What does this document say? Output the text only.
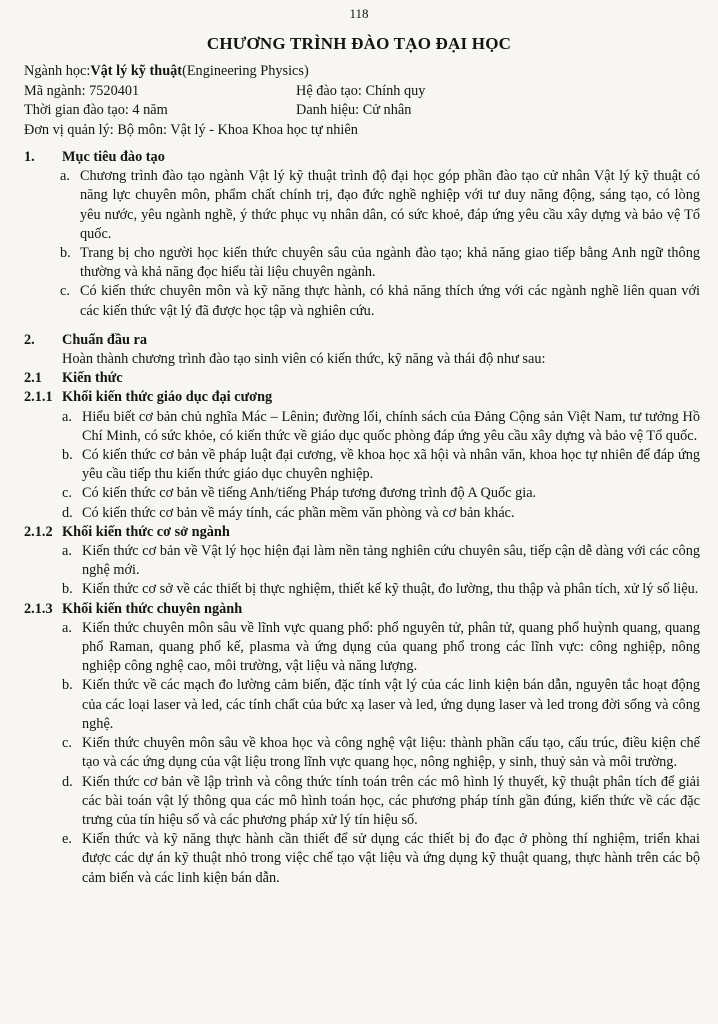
118
CHƯƠNG TRÌNH ĐÀO TẠO ĐẠI HỌC
Ngành học: Vật lý kỹ thuật (Engineering Physics)
Mã ngành: 7520401	Hệ đào tạo: Chính quy
Thời gian đào tạo: 4 năm	Danh hiệu: Cử nhân
Đơn vị quản lý: Bộ môn: Vật lý - Khoa Khoa học tự nhiên
1.	Mục tiêu đào tạo
a. Chương trình đào tạo ngành Vật lý kỹ thuật trình độ đại học góp phần đào tạo cử nhân Vật lý kỹ thuật có năng lực chuyên môn, phẩm chất chính trị, đạo đức nghề nghiệp với tư duy năng động, sáng tạo, có lòng yêu nước, yêu ngành nghề, ý thức phục vụ nhân dân, có sức khoẻ, đáp ứng yêu cầu xây dựng và bảo vệ Tổ quốc.
b. Trang bị cho người học kiến thức chuyên sâu của ngành đào tạo; khả năng giao tiếp bằng Anh ngữ thông thường và khả năng đọc hiểu tài liệu chuyên ngành.
c. Có kiến thức chuyên môn và kỹ năng thực hành, có khả năng thích ứng với các ngành nghề liên quan với các kiến thức vật lý đã được học tập và nghiên cứu.
2.	Chuẩn đầu ra
Hoàn thành chương trình đào tạo sinh viên có kiến thức, kỹ năng và thái độ như sau:
2.1	Kiến thức
2.1.1 Khối kiến thức giáo dục đại cương
a. Hiểu biết cơ bản chủ nghĩa Mác – Lênin; đường lối, chính sách của Đảng Cộng sản Việt Nam, tư tưởng Hồ Chí Minh, có sức khỏe, có kiến thức về giáo dục quốc phòng đáp ứng yêu cầu xây dựng và bảo vệ Tổ quốc.
b. Có kiến thức cơ bản về pháp luật đại cương, về khoa học xã hội và nhân văn, khoa học tự nhiên để đáp ứng yêu cầu tiếp thu kiến thức giáo dục chuyên nghiệp.
c. Có kiến thức cơ bản về tiếng Anh/tiếng Pháp tương đương trình độ A Quốc gia.
d. Có kiến thức cơ bản về máy tính, các phần mềm văn phòng và cơ bản khác.
2.1.2 Khối kiến thức cơ sở ngành
a. Kiến thức cơ bản về Vật lý học hiện đại làm nền tảng nghiên cứu chuyên sâu, tiếp cận dễ dàng với các công nghệ mới.
b. Kiến thức cơ sở về các thiết bị thực nghiệm, thiết kế kỹ thuật, đo lường, thu thập và phân tích, xử lý số liệu.
2.1.3 Khối kiến thức chuyên ngành
a. Kiến thức chuyên môn sâu về lĩnh vực quang phổ: phổ nguyên tử, phân tử, quang phổ huỳnh quang, quang phổ Raman, quang phổ kế, plasma và ứng dụng của quang phổ trong các lĩnh vực: công nghiệp, nông nghiệp công nghệ cao, môi trường, vật liệu và năng lượng.
b. Kiến thức về các mạch đo lường cảm biến, đặc tính vật lý của các linh kiện bán dẫn, nguyên tắc hoạt động của các loại laser và led, các tính chất của bức xạ laser và led, ứng dụng laser và led trong đời sống và công nghệ.
c. Kiến thức chuyên môn sâu về khoa học và công nghệ vật liệu: thành phần cấu tạo, cấu trúc, điều kiện chế tạo và các ứng dụng của vật liệu trong lĩnh vực quang học, nông nghiệp, y sinh, thuỷ sản và môi trường.
d. Kiến thức cơ bản về lập trình và công thức tính toán trên các mô hình lý thuyết, kỹ thuật phân tích để giải các bài toán vật lý thông qua các mô hình toán học, các phương pháp tính gần đúng, kiến thức về các đặc trưng của tín hiệu số và các phương pháp xử lý tín hiệu số.
e. Kiến thức và kỹ năng thực hành cần thiết để sử dụng các thiết bị đo đạc ở phòng thí nghiệm, triển khai được các dự án kỹ thuật nhỏ trong việc chế tạo vật liệu và ứng dụng kỹ thuật quang, thực hành trên các bộ cảm biến và các linh kiện bán dẫn.
